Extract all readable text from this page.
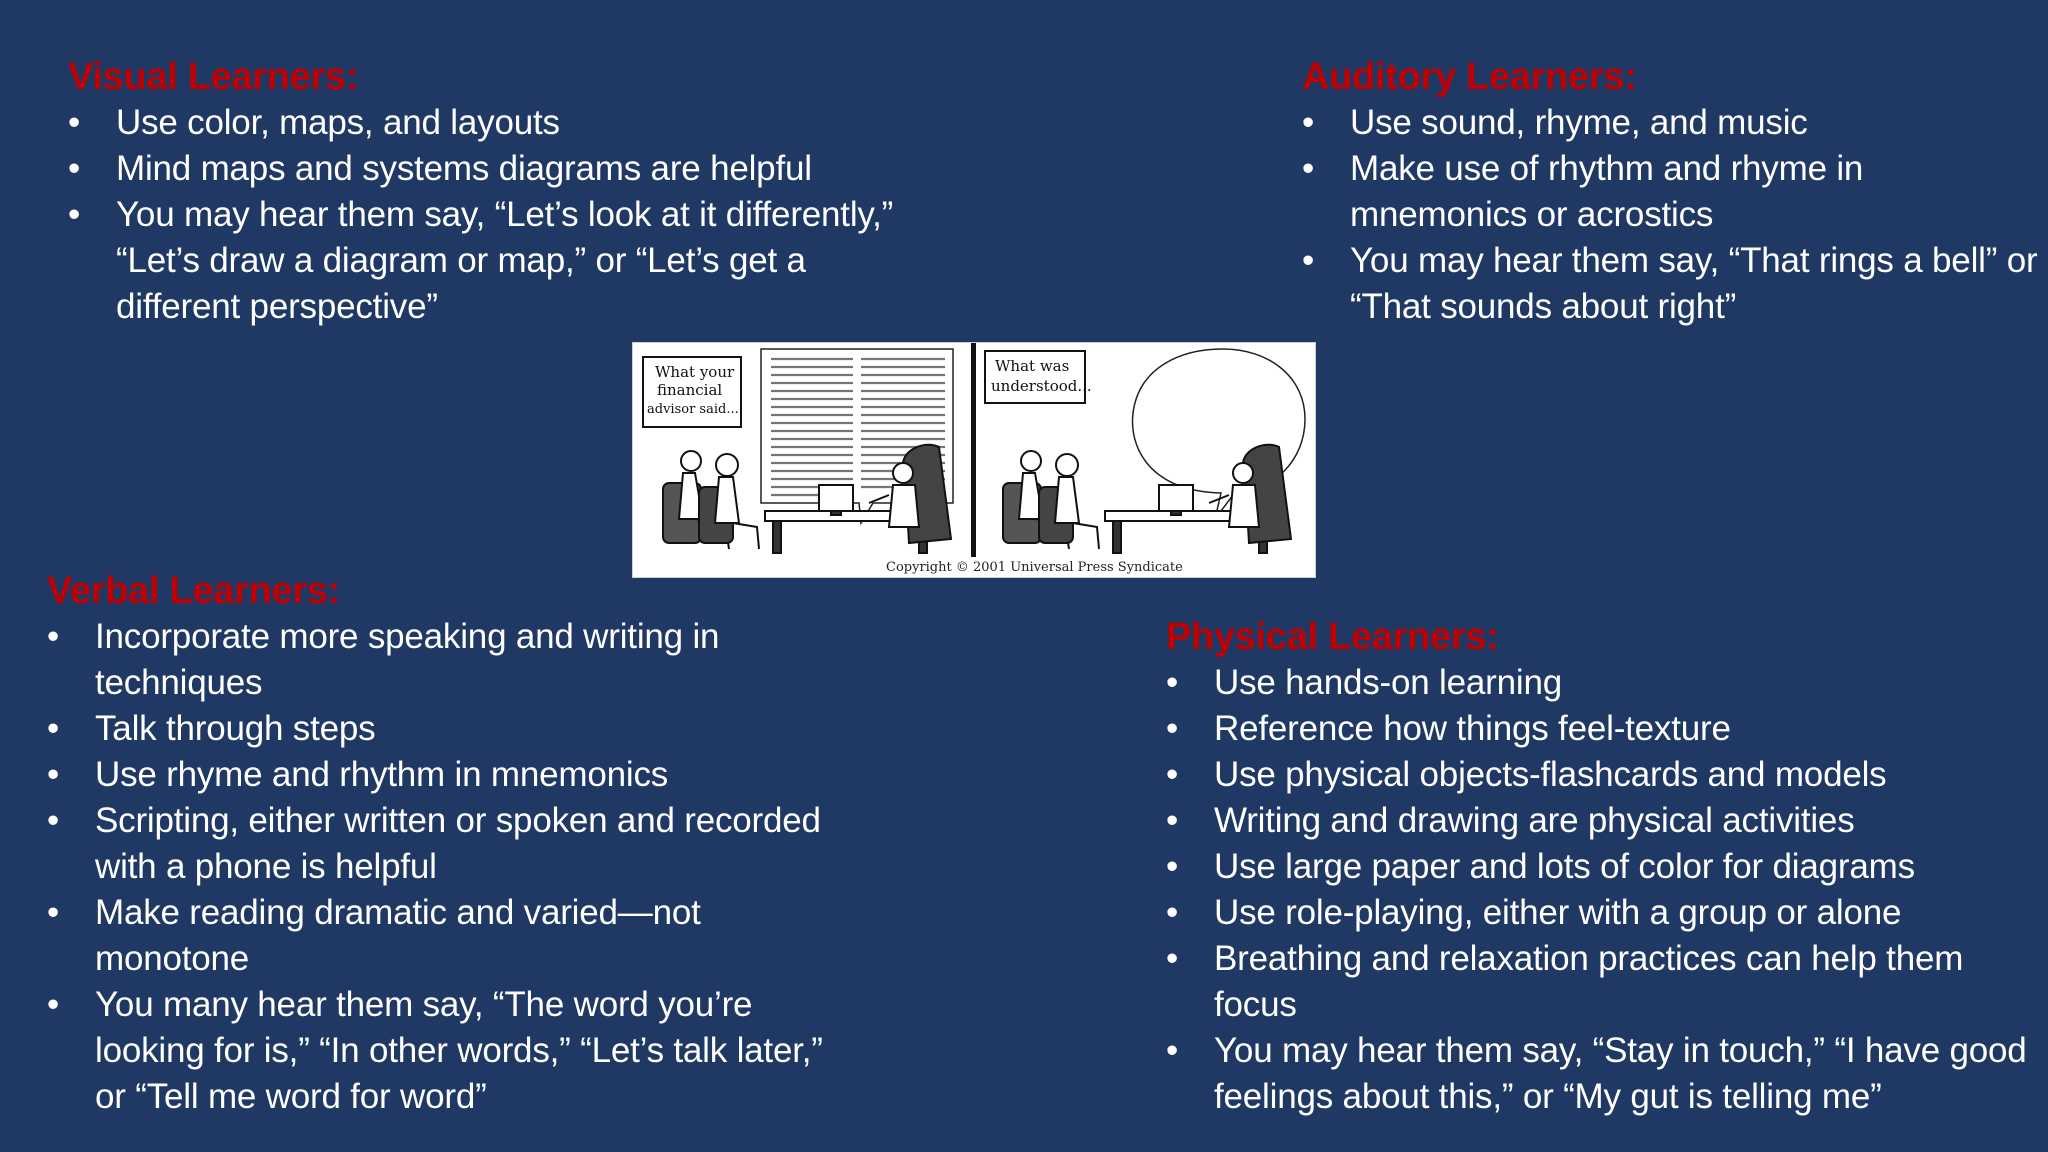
Visual Learners:
• Use color, maps, and layouts
• Mind maps and systems diagrams are helpful
• You may hear them say, “Let’s look at it differently,” “Let’s draw a diagram or map,” or “Let’s get a different perspective”
Auditory Learners:
• Use sound, rhyme, and music
• Make use of rhythm and rhyme in mnemonics or acrostics
• You may hear them say, “That rings a bell” or “That sounds about right”
What your
financial
advisor said...
What was
understood...
Copyright © 2001 Universal Press Syndicate
Verbal Learners:
• Incorporate more speaking and writing in techniques
• Talk through steps
• Use rhyme and rhythm in mnemonics
• Scripting, either written or spoken and recorded with a phone is helpful
• Make reading dramatic and varied—not monotone
• You many hear them say, “The word you’re looking for is,” “In other words,” “Let’s talk later,” or “Tell me word for word”
Physical Learners:
• Use hands-on learning
• Reference how things feel-texture
• Use physical objects-flashcards and models
• Writing and drawing are physical activities
• Use large paper and lots of color for diagrams
• Use role-playing, either with a group or alone
• Breathing and relaxation practices can help them focus
• You may hear them say, “Stay in touch,” “I have good feelings about this,” or “My gut is telling me”
